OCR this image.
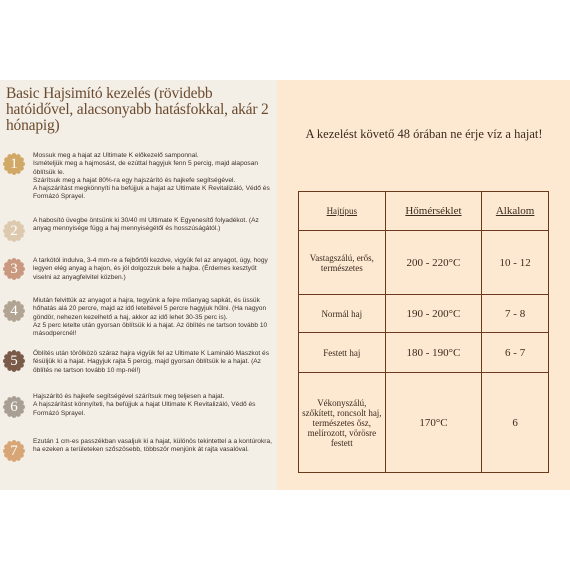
Basic Hajsimító kezelés (rövidebb hatóidővel, alacsonyabb hatásfokkal, akár 2 hónapig)
1
Mossuk meg a hajat az Ultimate K előkezelő samponnal.
Ismételjük meg a hajmosást, de ezúttal hagyjuk fenn 5 percig, majd alaposan öblítsük le.
Szárítsuk meg a hajat 80%-ra egy hajszárító és hajkefe segítségével.
A hajszárítást megkönnyíti ha befújjuk a hajat az Ultimate K Revitalizáló, Védő és Formázó Sprayel.
2
A habosító üvegbe öntsünk ki 30/40 ml Ultimate K Egyenesítő folyadékot. (Az anyag mennyisége függ a haj mennyiségétől és hosszúságától.)
3
A tarkótól indulva, 3-4 mm-re a fejbőrtől kezdve, vigyük fel az anyagot, úgy, hogy legyen elég anyag a hajon, és jól dolgozzuk bele a hajba. (Érdemes kesztyűt viselni az anyagfelvitel közben.)
4
Miután felvittük az anyagot a hajra, tegyünk a fejre műanyag sapkát, és üssük hőhatás alá 20 percre, majd az idő leteltével 5 percre hagyjuk hűlni. (Ha nagyon göndör, nehezen kezelhető a haj, akkor az idő lehet 30-35 perc is).
Az 5 perc letelte után gyorsan öblítsük ki a hajat. Az öblítés ne tartson tovább 10 másodpercnél!
5	Öblítés után törölközö száraz hajra vigyük fel az Ultimate K Lamináló Maszkot és fésüljük ki a hajat. Hagyjuk rajta 5 percig, majd gyorsan öblítsük le a hajat. (Az öblítés ne tartson tovább 10 mp-nél!)
6
Hajszárító és hajkefe segítségével szárítsuk meg teljesen a hajat.
A hajszárítást könnyíteti, ha befújjuk a hajat Ultimate K Revitalizáló, Védő és Formázó Sprayel.
7
Ezután 1 cm-es passzékban vasaljuk ki a hajat, különös tekintettel a a kontúrokra, ha ezeken a területeken szőszösebb, többször menjünk át rajta vasalóval.
A kezelést követő 48 órában ne érje víz a hajat!
Hajtípus	Hőmérséklet	Alkalom
Vastagszálú, erős, természetes	200 - 220°C	10 - 12
Normál haj	190 - 200°C	7 - 8
Festett haj	180 - 190°C	6 - 7
Vékonyszálú, szőkített, roncsolt haj, természetes ősz, melírozott, vörösre festett	170°C	6
